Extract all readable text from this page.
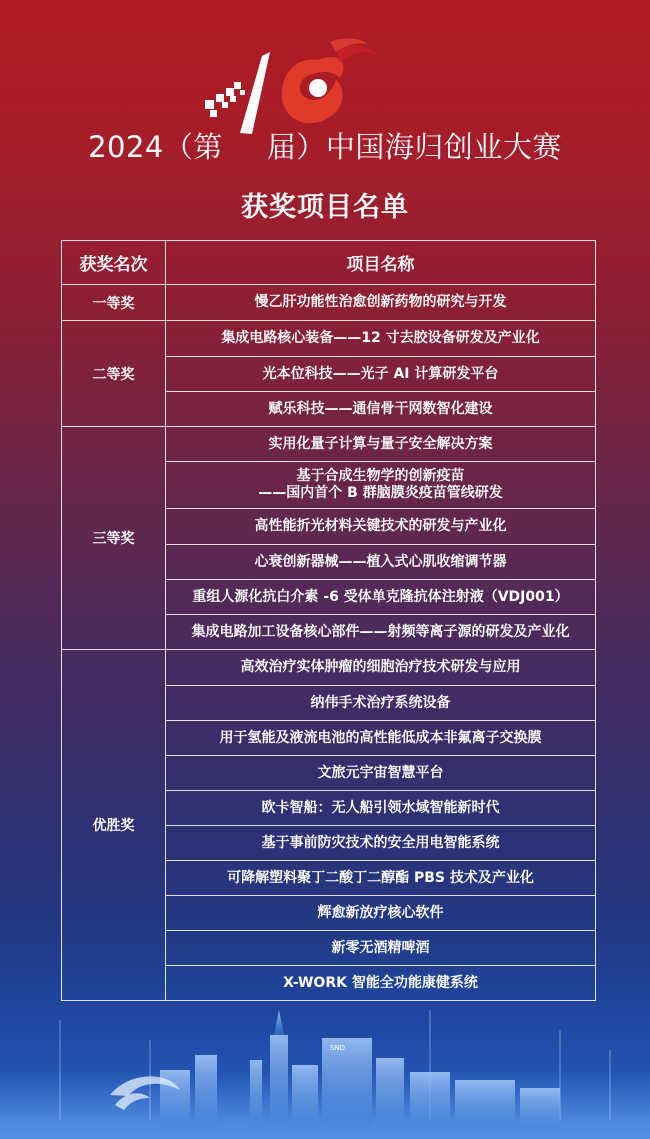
2024（第 届）中国海归创业大赛
获奖项目名单
获奖名次	项目名称
一等奖	慢乙肝功能性治愈创新药物的研究与开发
二等奖	集成电路核心装备——12 寸去胶设备研发及产业化
	光本位科技——光子 AI 计算研发平台
	赋乐科技——通信骨干网数智化建设
三等奖	实用化量子计算与量子安全解决方案

	基于合成生物学的创新疫苗
——国内首个 B 群脑膜炎疫苗管线研发

	高性能折光材料关键技术的研发与产业化
	心衰创新器械——植入式心肌收缩调节器
	重组人源化抗白介素 -6 受体单克隆抗体注射液（VDJ001）
	集成电路加工设备核心部件——射频等离子源的研发及产业化
优胜奖	高效治疗实体肿瘤的细胞治疗技术研发与应用
	纳伟手术治疗系统设备
	用于氢能及液流电池的高性能低成本非氟离子交换膜
	文旅元宇宙智慧平台
	欧卡智船：无人船引领水域智能新时代
	基于事前防灾技术的安全用电智能系统
	可降解塑料聚丁二酸丁二醇酯 PBS 技术及产业化
	辉愈新放疗核心软件
	新零无酒精啤酒
	X-WORK 智能全功能康健系统
SND
